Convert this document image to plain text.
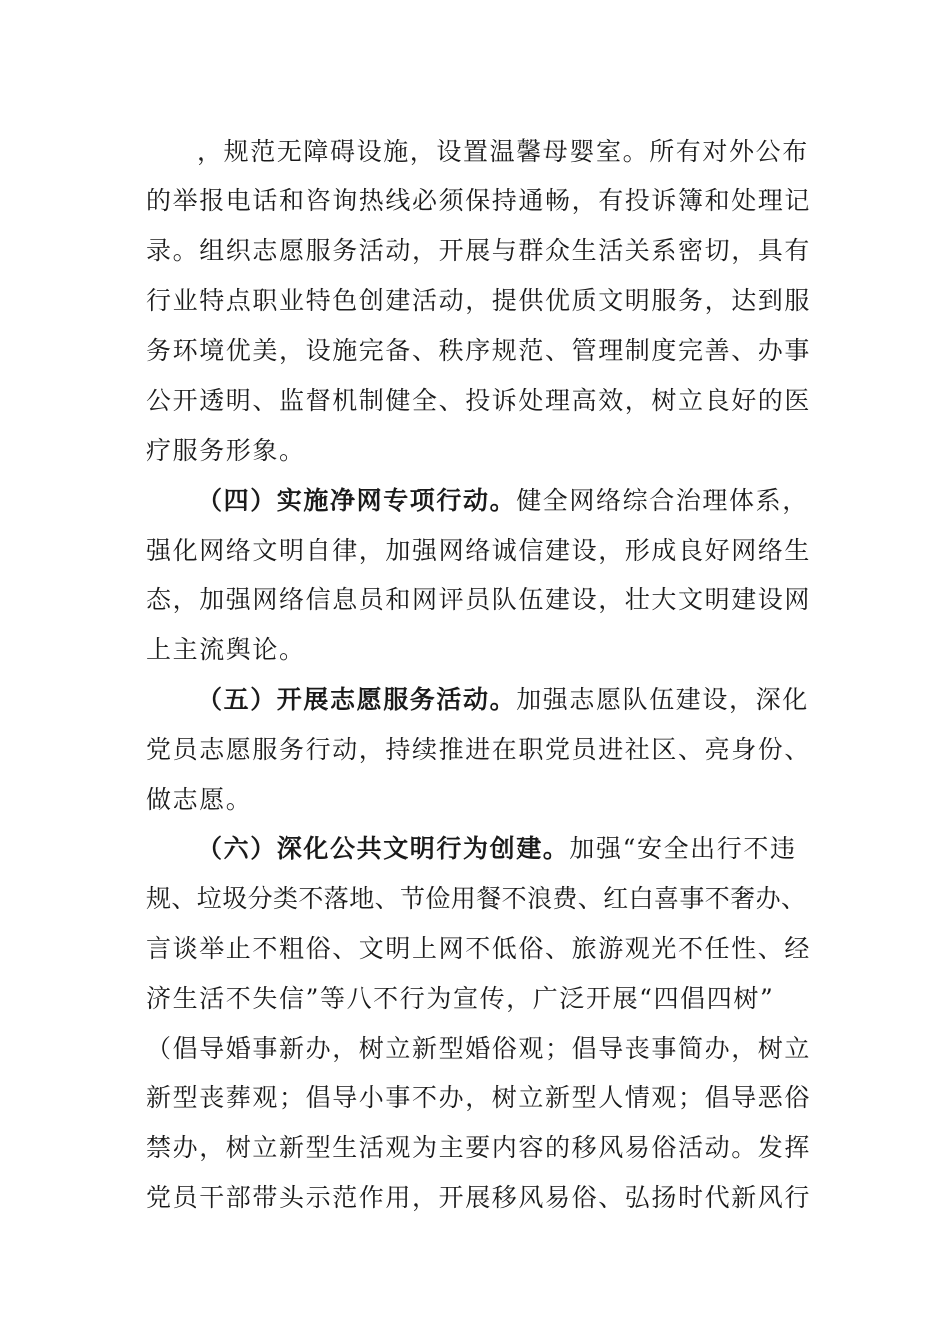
，规范无障碍设施，设置温馨母婴室。所有对外公布
的举报电话和咨询热线必须保持通畅，有投诉簿和处理记
录。组织志愿服务活动，开展与群众生活关系密切，具有
行业特点职业特色创建活动，提供优质文明服务，达到服
务环境优美，设施完备、秩序规范、管理制度完善、办事
公开透明、监督机制健全、投诉处理高效，树立良好的医
疗服务形象。
（四）实施净网专项行动。健全网络综合治理体系，
强化网络文明自律，加强网络诚信建设，形成良好网络生
态，加强网络信息员和网评员队伍建设，壮大文明建设网
上主流舆论。
（五）开展志愿服务活动。加强志愿队伍建设，深化
党员志愿服务行动，持续推进在职党员进社区、亮身份、
做志愿。
（六）深化公共文明行为创建。加强“安全出行不违
规、垃圾分类不落地、节俭用餐不浪费、红白喜事不奢办、
言谈举止不粗俗、文明上网不低俗、旅游观光不任性、经
济生活不失信”等八不行为宣传，广泛开展“四倡四树”
（倡导婚事新办，树立新型婚俗观；倡导丧事简办，树立
新型丧葬观；倡导小事不办，树立新型人情观；倡导恶俗
禁办，树立新型生活观为主要内容的移风易俗活动。发挥
党员干部带头示范作用，开展移风易俗、弘扬时代新风行
